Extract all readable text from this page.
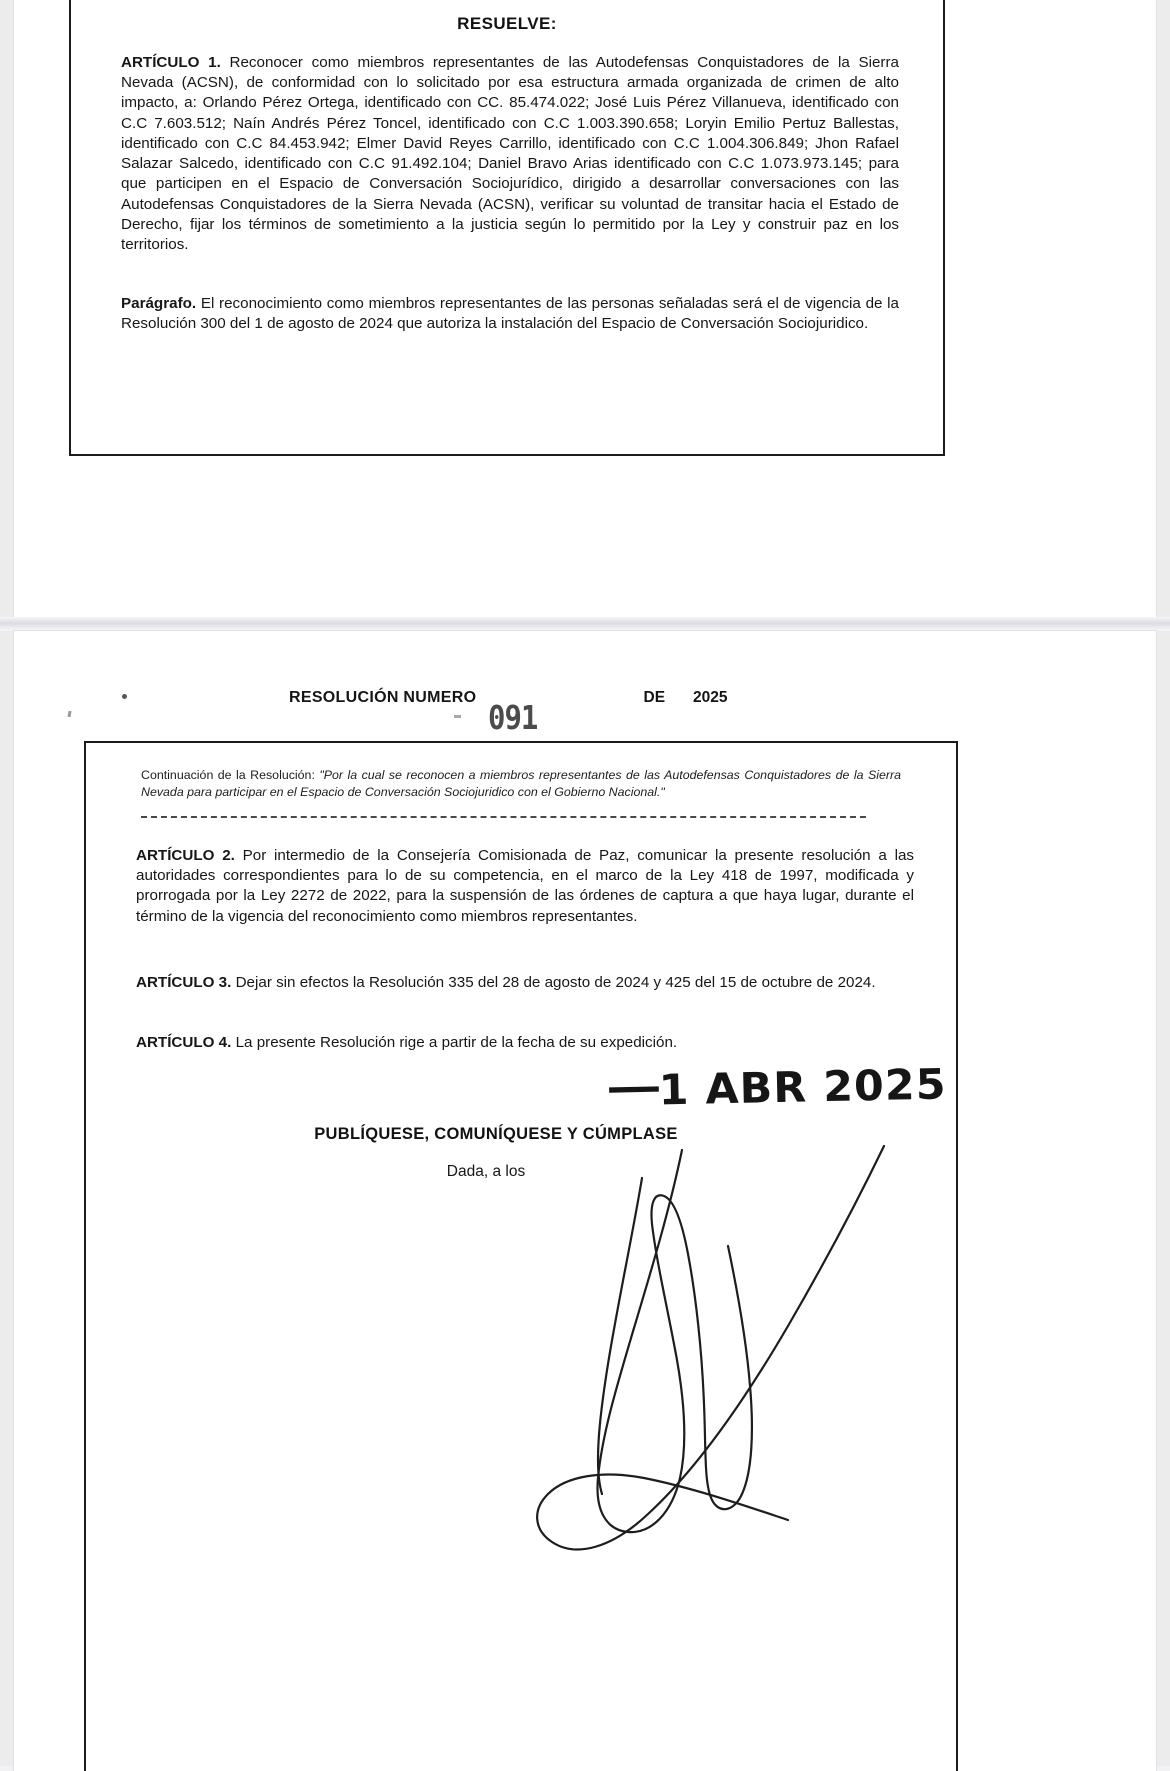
RESUELVE:
ARTÍCULO 1. Reconocer como miembros representantes de las Autodefensas Conquistadores de la Sierra Nevada (ACSN), de conformidad con lo solicitado por esa estructura armada organizada de crimen de alto impacto, a: Orlando Pérez Ortega, identificado con CC. 85.474.022; José Luis Pérez Villanueva, identificado con C.C 7.603.512; Naín Andrés Pérez Toncel, identificado con C.C 1.003.390.658; Loryin Emilio Pertuz Ballestas, identificado con C.C 84.453.942; Elmer David Reyes Carrillo, identificado con C.C 1.004.306.849; Jhon Rafael Salazar Salcedo, identificado con C.C 91.492.104; Daniel Bravo Arias identificado con C.C 1.073.973.145; para que participen en el Espacio de Conversación Sociojurídico, dirigido a desarrollar conversaciones con las Autodefensas Conquistadores de la Sierra Nevada (ACSN), verificar su voluntad de transitar hacia el Estado de Derecho, fijar los términos de sometimiento a la justicia según lo permitido por la Ley y construir paz en los territorios.
Parágrafo. El reconocimiento como miembros representantes de las personas señaladas será el de vigencia de la Resolución 300 del 1 de agosto de 2024 que autoriza la instalación del Espacio de Conversación Sociojuridico.
RESOLUCIÓN NUMERO
091
DE 2025
Continuación de la Resolución: "Por la cual se reconocen a miembros representantes de las Autodefensas Conquistadores de la Sierra Nevada para participar en el Espacio de Conversación Sociojuridico con el Gobierno Nacional."
ARTÍCULO 2. Por intermedio de la Consejería Comisionada de Paz, comunicar la presente resolución a las autoridades correspondientes para lo de su competencia, en el marco de la Ley 418 de 1997, modificada y prorrogada por la Ley 2272 de 2022, para la suspensión de las órdenes de captura a que haya lugar, durante el término de la vigencia del reconocimiento como miembros representantes.
ARTÍCULO 3. Dejar sin efectos la Resolución 335 del 28 de agosto de 2024 y 425 del 15 de octubre de 2024.
ARTÍCULO 4. La presente Resolución rige a partir de la fecha de su expedición.
—1 ABR 2025
PUBLÍQUESE, COMUNÍQUESE Y CÚMPLASE
Dada, a los
